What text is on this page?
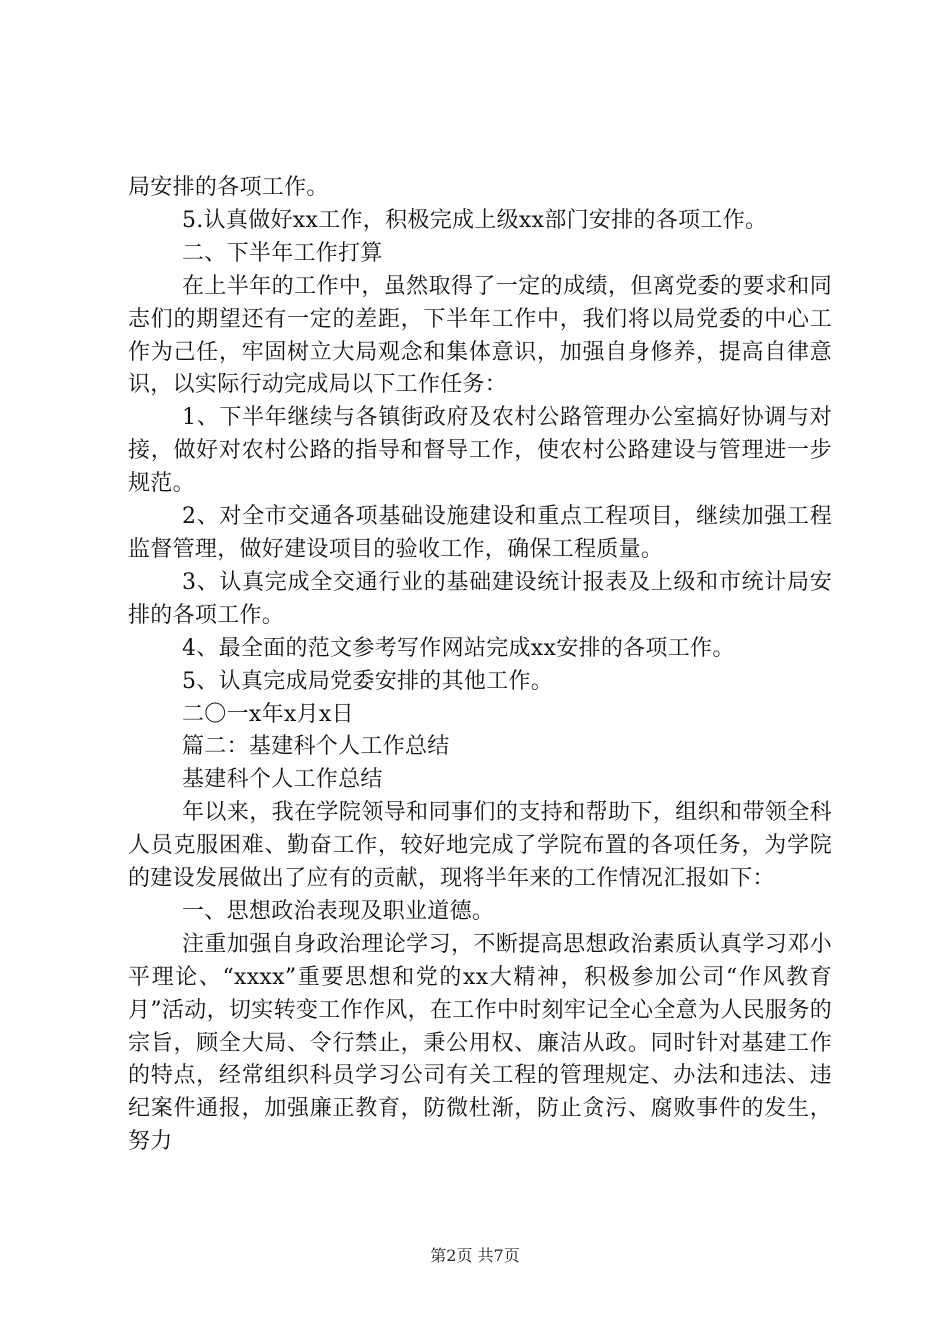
局安排的各项工作。

5.认真做好xx工作，积极完成上级xx部门安排的各项工作。

二、下半年工作打算

在上半年的工作中，虽然取得了一定的成绩，但离党委的要求和同志们的期望还有一定的差距，下半年工作中，我们将以局党委的中心工作为己任，牢固树立大局观念和集体意识，加强自身修养，提高自律意识，以实际行动完成局以下工作任务：

1、下半年继续与各镇街政府及农村公路管理办公室搞好协调与对接，做好对农村公路的指导和督导工作，使农村公路建设与管理进一步规范。

2、对全市交通各项基础设施建设和重点工程项目，继续加强工程监督管理，做好建设项目的验收工作，确保工程质量。

3、认真完成全交通行业的基础建设统计报表及上级和市统计局安排的各项工作。

4、最全面的范文参考写作网站完成xx安排的各项工作。

5、认真完成局党委安排的其他工作。

二〇一x年x月x日

篇二：基建科个人工作总结

基建科个人工作总结

年以来，我在学院领导和同事们的支持和帮助下，组织和带领全科人员克服困难、勤奋工作，较好地完成了学院布置的各项任务，为学院的建设发展做出了应有的贡献，现将半年来的工作情况汇报如下：

一、思想政治表现及职业道德。

注重加强自身政治理论学习，不断提高思想政治素质认真学习邓小平理论、“xxxx”重要思想和党的xx大精神，积极参加公司“作风教育月”活动，切实转变工作作风，在工作中时刻牢记全心全意为人民服务的宗旨，顾全大局、令行禁止，秉公用权、廉洁从政。同时针对基建工作的特点，经常组织科员学习公司有关工程的管理规定、办法和违法、违纪案件通报，加强廉正教育，防微杜渐，防止贪污、腐败事件的发生，努力

第2页 共7页
